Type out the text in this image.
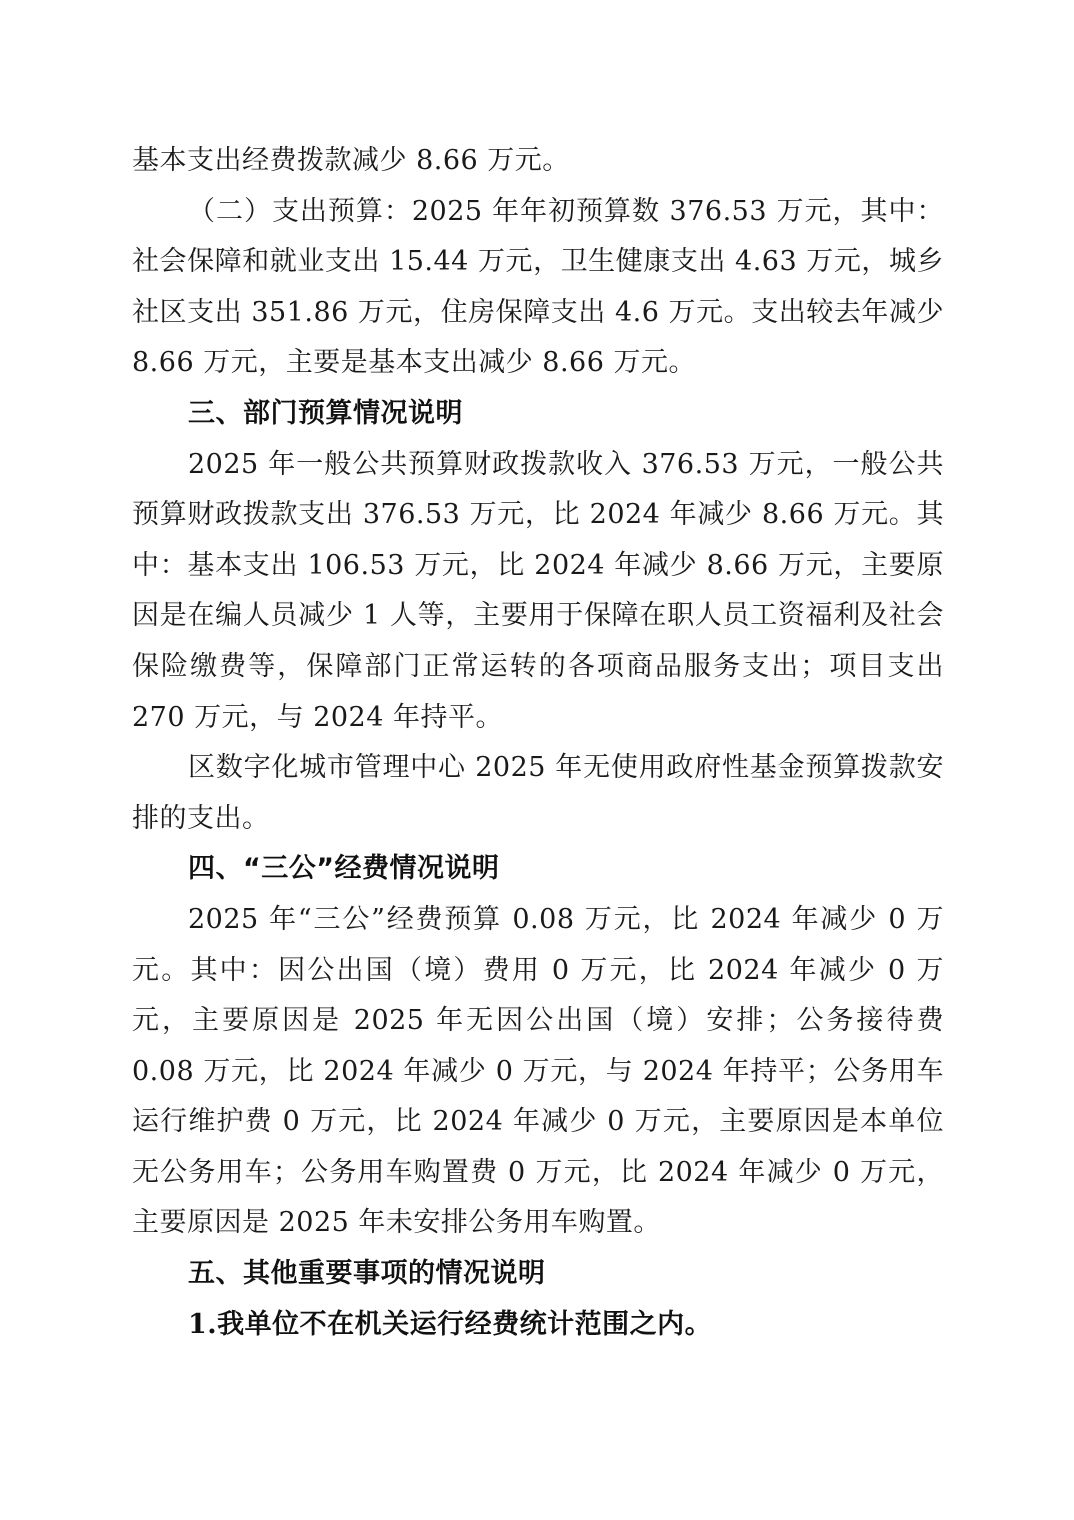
基本支出经费拨款减少 8.66 万元。

（二）支出预算：2025 年年初预算数 376.53 万元，其中：社会保障和就业支出 15.44 万元，卫生健康支出 4.63 万元，城乡社区支出 351.86 万元，住房保障支出 4.6 万元。支出较去年减少 8.66 万元，主要是基本支出减少 8.66 万元。

三、部门预算情况说明

2025 年一般公共预算财政拨款收入 376.53 万元，一般公共预算财政拨款支出 376.53 万元，比 2024 年减少 8.66 万元。其中：基本支出 106.53 万元，比 2024 年减少 8.66 万元，主要原因是在编人员减少 1 人等，主要用于保障在职人员工资福利及社会保险缴费等，保障部门正常运转的各项商品服务支出；项目支出 270 万元，与 2024 年持平。

区数字化城市管理中心 2025 年无使用政府性基金预算拨款安排的支出。

四、“三公”经费情况说明

2025 年“三公”经费预算 0.08 万元，比 2024 年减少 0 万元。其中：因公出国（境）费用 0 万元，比 2024 年减少 0 万元，主要原因是 2025 年无因公出国（境）安排；公务接待费 0.08 万元，比 2024 年减少 0 万元，与 2024 年持平；公务用车运行维护费 0 万元，比 2024 年减少 0 万元，主要原因是本单位无公务用车；公务用车购置费 0 万元，比 2024 年减少 0 万元，主要原因是 2025 年未安排公务用车购置。

五、其他重要事项的情况说明

1.我单位不在机关运行经费统计范围之内。
